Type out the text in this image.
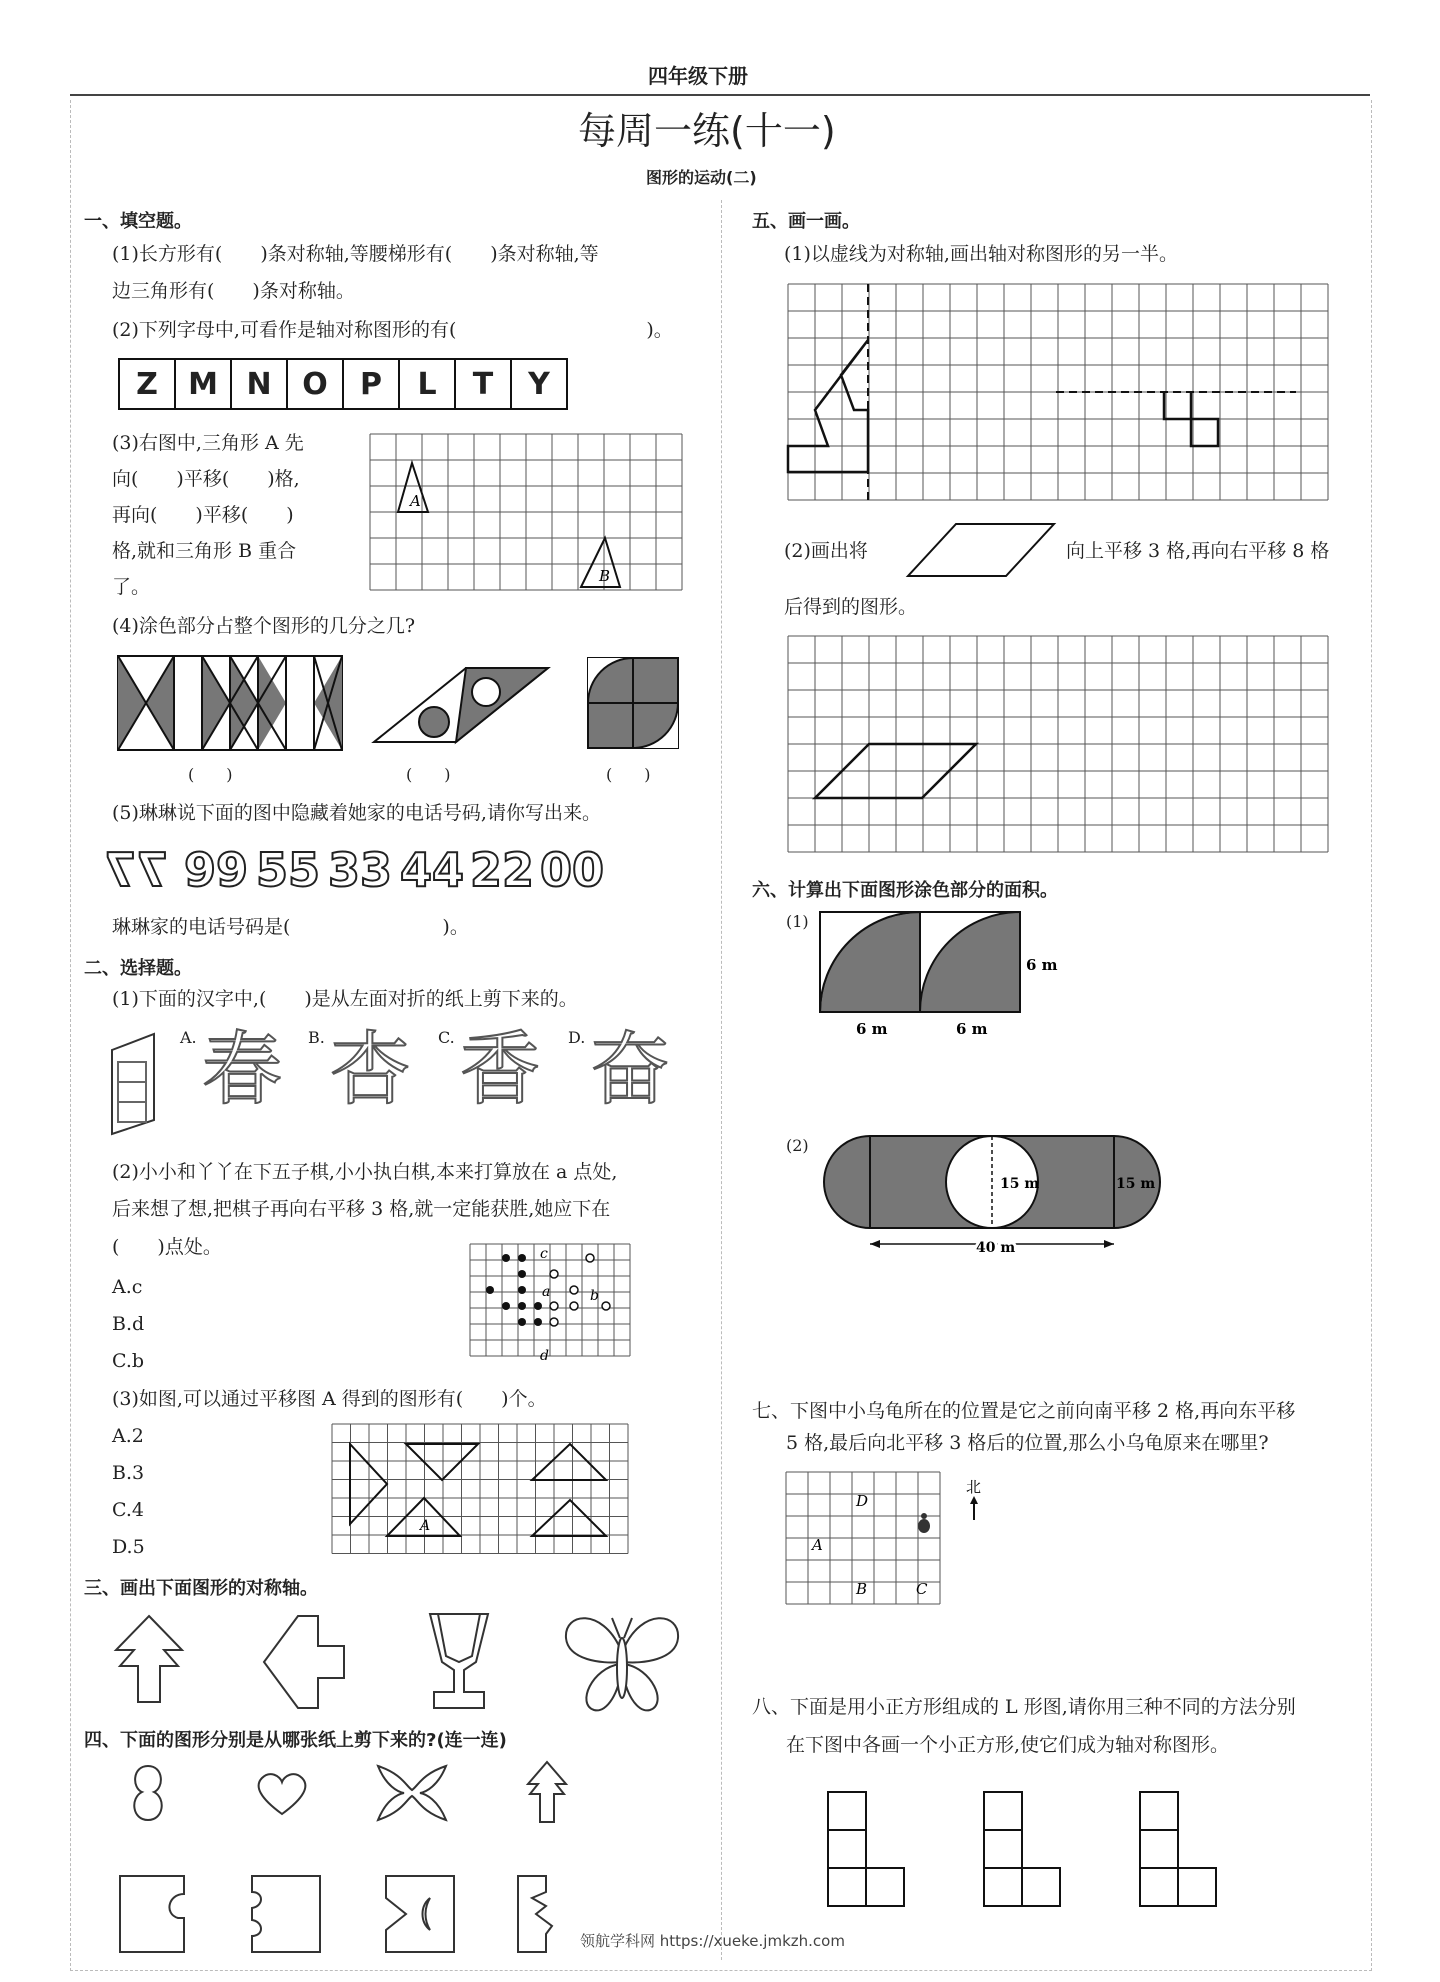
四年级下册
每周一练(十一)
图形的运动(二)
一、填空题。
(1)长方形有(　　)条对称轴,等腰梯形有(　　)条对称轴,等
边三角形有(　　)条对称轴。
(2)下列字母中,可看作是轴对称图形的有(　　　　　　　　　　)。
Z	M N	O	P	L	T	Y
(3)右图中,三角形 A 先
向(　　)平移(　　)格,
再向(　　)平移(　　)
格,就和三角形 B 重合
了。
A
B
(4)涂色部分占整个图形的几分之几?
(　　)	(　　)	(　　)
(5)琳琳说下面的图中隐藏着她家的电话号码,请你写出来。
77 99 55 33 44 22 00
琳琳家的电话号码是(　　　　　　　　)。
二、选择题。
(1)下面的汉字中,(　　)是从左面对折的纸上剪下来的。
A. 春 B. 杏 C. 香 D. 奋
(2)小小和丫丫在下五子棋,小小执白棋,本来打算放在 a 点处,
后来想了想,把棋子再向右平移 3 格,就一定能获胜,她应下在
(　　)点处。
A.c
B.d
C.b
c
a	b
d
(3)如图,可以通过平移图 A 得到的图形有(　　)个。
A.2
B.3
C.4
D.5
A
三、画出下面图形的对称轴。
四、下面的图形分别是从哪张纸上剪下来的?(连一连)
五、画一画。
(1)以虚线为对称轴,画出轴对称图形的另一半。
(2)画出将	向上平移 3 格,再向右平移 8 格
后得到的图形。
六、计算出下面图形涂色部分的面积。
(1)
6 m
6 m	6 m
(2)
15 m	15 m
40 m
七、下图中小乌龟所在的位置是它之前向南平移 2 格,再向东平移
5 格,最后向北平移 3 格后的位置,那么小乌龟原来在哪里?
D
A
B	C
北
八、下面是用小正方形组成的 L 形图,请你用三种不同的方法分别
在下图中各画一个小正方形,使它们成为轴对称图形。
领航学科网 https://xueke.jmkzh.com
